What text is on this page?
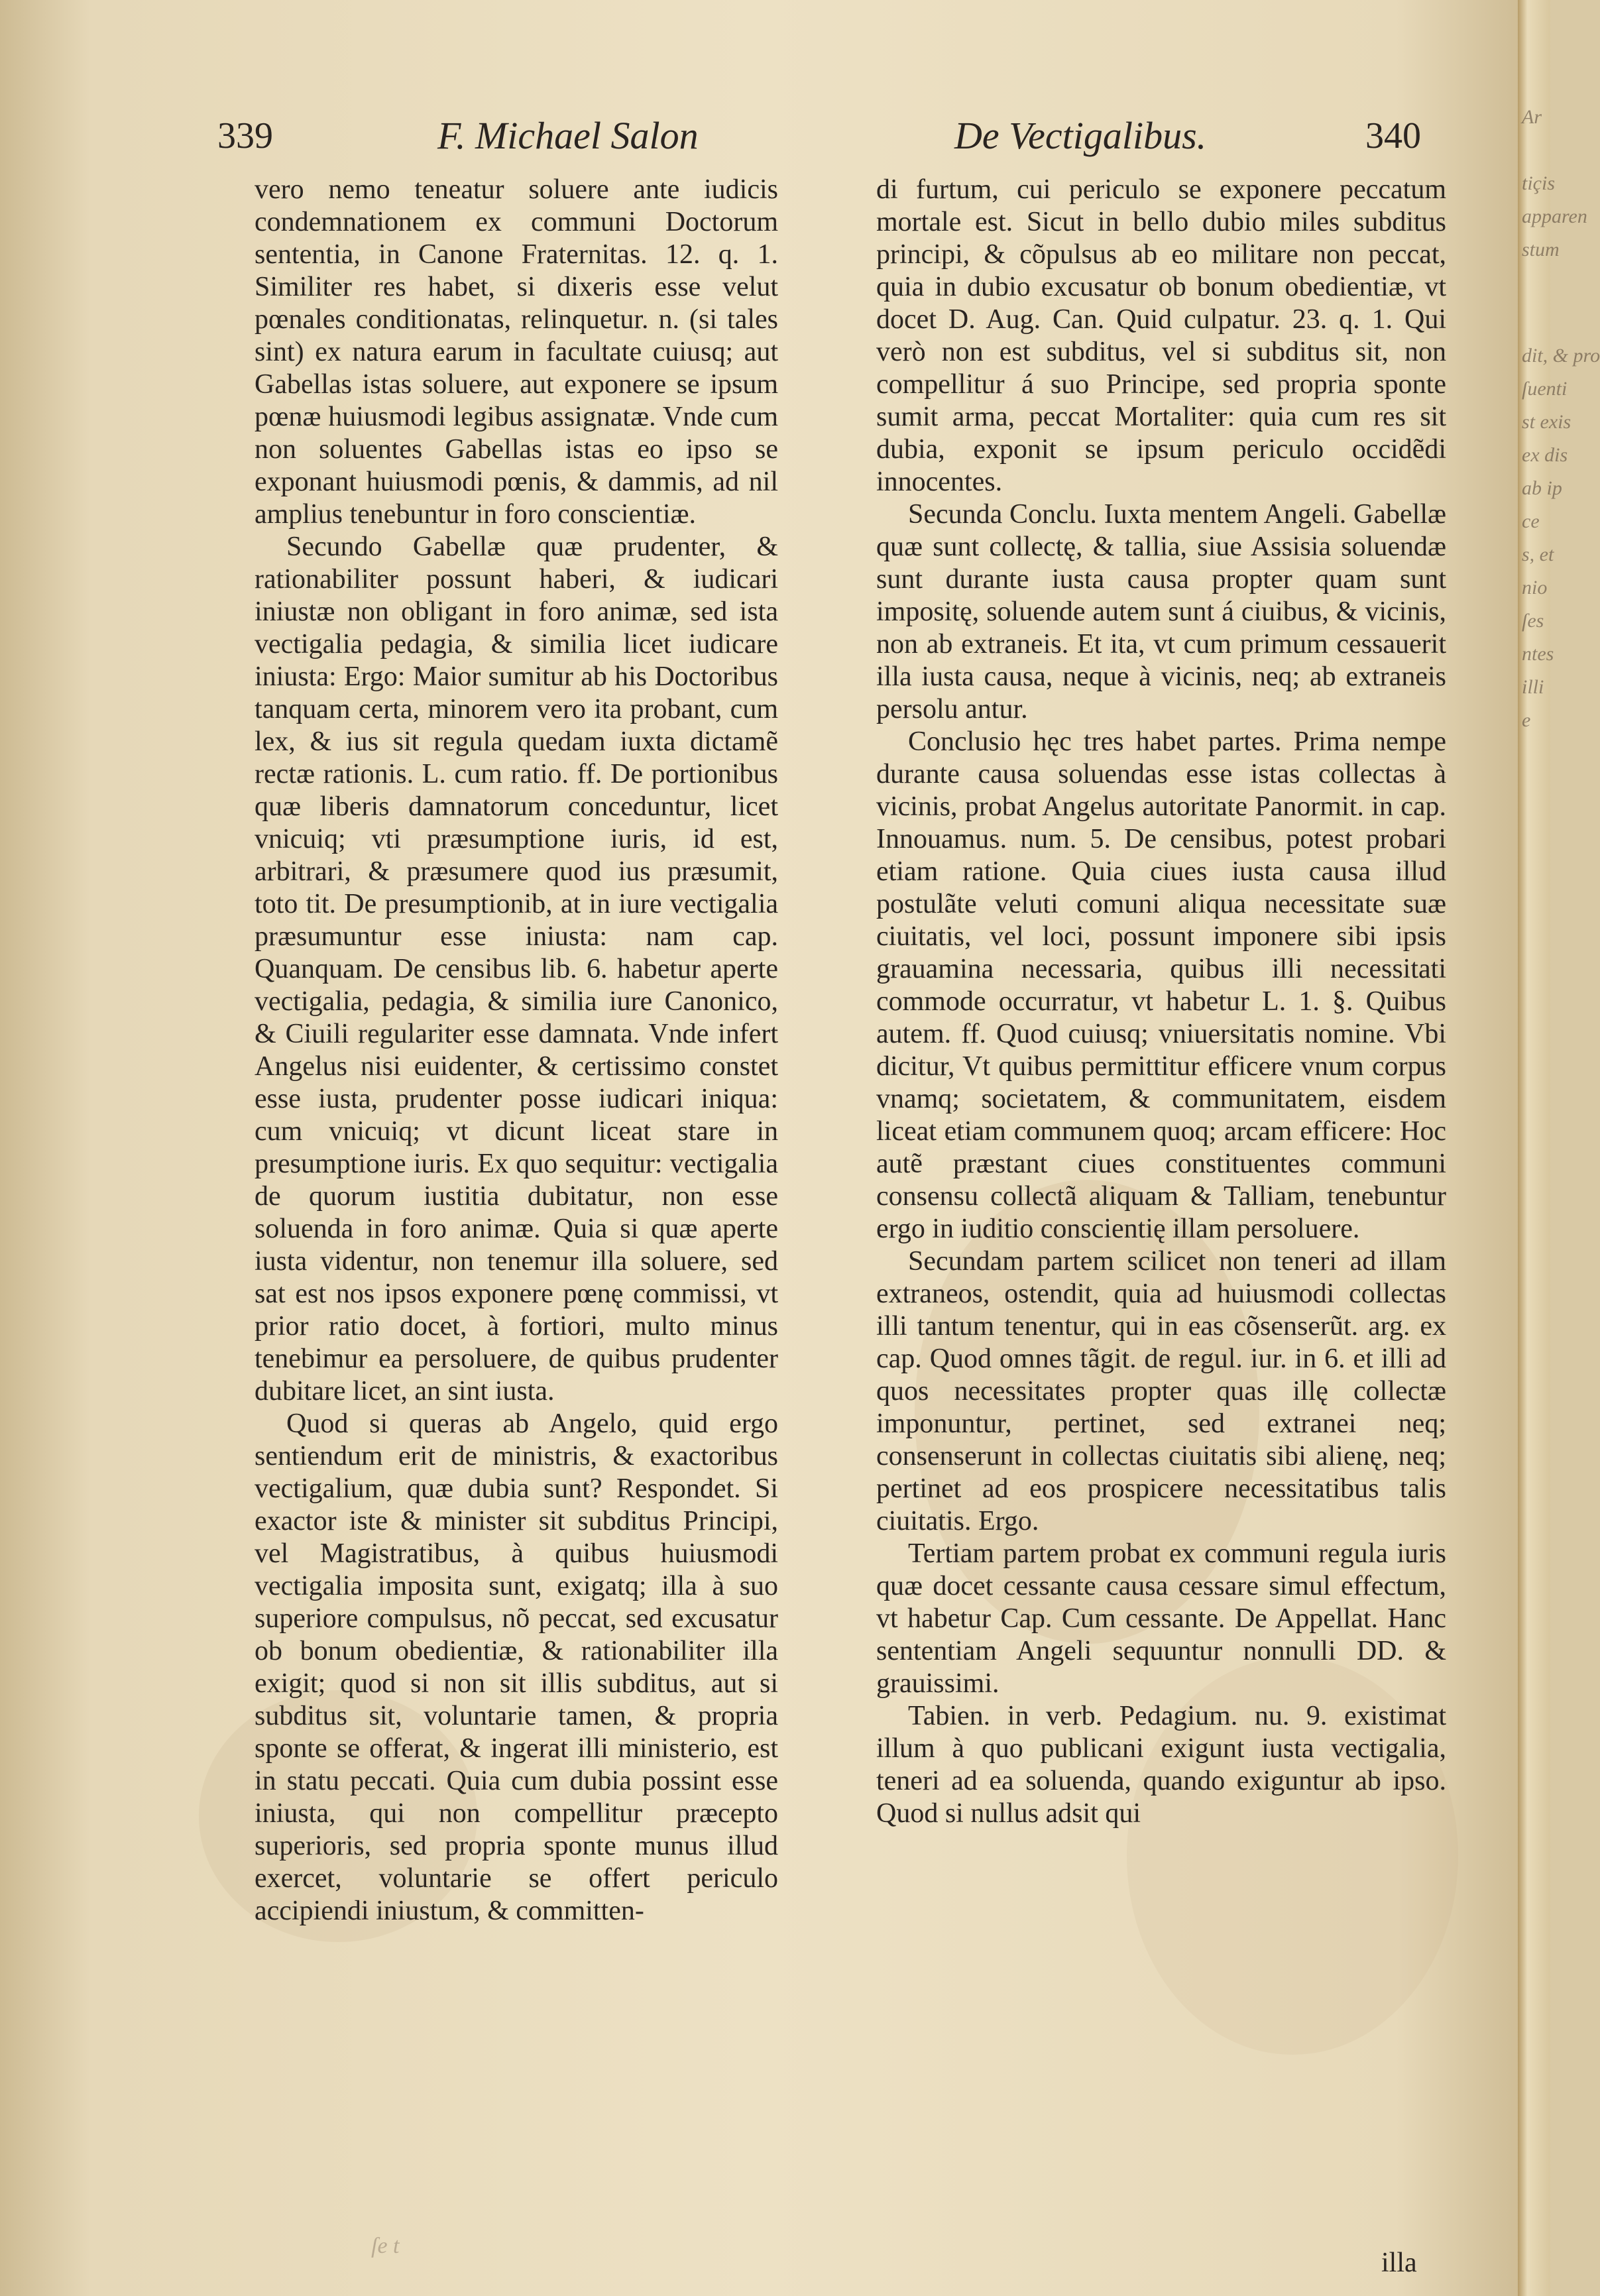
339	F. Michael Salon	De Vectigalibus.	340

vero nemo teneatur soluere ante iudicis condemnationem ex communi Doctorum sententia, in Canone Fraternitas. 12. q. 1. Similiter res habet, si dixeris esse velut pœnales conditionatas, relinquetur. n. (si tales sint) ex natura earum in facultate cuiusq; aut Gabellas istas soluere, aut exponere se ipsum pœnæ huiusmodi legibus assignatæ. Vnde cum non soluentes Gabellas istas eo ipso se exponant huiusmodi pœnis, & dammis, ad nil amplius tenebuntur in foro conscientiæ.

Secundo Gabellæ quæ prudenter, & rationabiliter possunt haberi, & iudicari iniustæ non obligant in foro animæ, sed ista vectigalia pedagia, & similia licet iudicare iniusta: Ergo: Maior sumitur ab his Doctoribus tanquam certa, minorem vero ita probant, cum lex, & ius sit regula quedam iuxta dictamẽ rectæ rationis. L. cum ratio. ff. De portionibus quæ liberis damnatorum conceduntur, licet vnicuiq; vti præsumptione iuris, id est, arbitrari, & præsumere quod ius præsumit, toto tit. De presumptionib, at in iure vectigalia præsumuntur esse iniusta: nam cap. Quanquam. De censibus lib. 6. habetur aperte vectigalia, pedagia, & similia iure Canonico, & Ciuili regulariter esse damnata. Vnde infert Angelus nisi euidenter, & certissimo constet esse iusta, prudenter posse iudicari iniqua: cum vnicuiq; vt dicunt liceat stare in presumptione iuris. Ex quo sequitur: vectigalia de quorum iustitia dubitatur, non esse soluenda in foro animæ. Quia si quæ aperte iusta videntur, non tenemur illa soluere, sed sat est nos ipsos exponere pœnę commissi, vt prior ratio docet, à fortiori, multo minus tenebimur ea persoluere, de quibus prudenter dubitare licet, an sint iusta.

Quod si queras ab Angelo, quid ergo sentiendum erit de ministris, & exactoribus vectigalium, quæ dubia sunt? Respondet. Si exactor iste & minister sit subditus Principi, vel Magistratibus, à quibus huiusmodi vectigalia imposita sunt, exigatq; illa à suo superiore compulsus, nõ peccat, sed excusatur ob bonum obedientiæ, & rationabiliter illa exigit; quod si non sit illis subditus, aut si subditus sit, voluntarie tamen, & propria sponte se offerat, & ingerat illi ministerio, est in statu peccati. Quia cum dubia possint esse iniusta, qui non compellitur præcepto superioris, sed propria sponte munus illud exercet, voluntarie se offert periculo accipiendi iniustum, & committen-

di furtum, cui periculo se exponere peccatum mortale est. Sicut in bello dubio miles subditus principi, & cõpulsus ab eo militare non peccat, quia in dubio excusatur ob bonum obedientiæ, vt docet D. Aug. Can. Quid culpatur. 23. q. 1. Qui verò non est subditus, vel si subditus sit, non compellitur á suo Principe, sed propria sponte sumit arma, peccat Mortaliter: quia cum res sit dubia, exponit se ipsum periculo occidẽdi innocentes.

Secunda Conclu. Iuxta mentem Angeli. Gabellæ quæ sunt collectę, & tallia, siue Assisia soluendæ sunt durante iusta causa propter quam sunt impositę, soluende autem sunt á ciuibus, & vicinis, non ab extraneis. Et ita, vt cum primum cessauerit illa iusta causa, neque à vicinis, neq; ab extraneis persolu antur.

Conclusio hęc tres habet partes. Prima nempe durante causa soluendas esse istas collectas à vicinis, probat Angelus autoritate Panormit. in cap. Innouamus. num. 5. De censibus, potest probari etiam ratione. Quia ciues iusta causa illud postulãte veluti comuni aliqua necessitate suæ ciuitatis, vel loci, possunt imponere sibi ipsis grauamina necessaria, quibus illi necessitati commode occurratur, vt habetur L. 1. §. Quibus autem. ff. Quod cuiusq; vniuersitatis nomine. Vbi dicitur, Vt quibus permittitur efficere vnum corpus vnamq; societatem, & communitatem, eisdem liceat etiam communem quoq; arcam efficere: Hoc autẽ præstant ciues constituentes communi consensu collectã aliquam & Talliam, tenebuntur ergo in iuditio conscientię illam persoluere.

Secundam partem scilicet non teneri ad illam extraneos, ostendit, quia ad huiusmodi collectas illi tantum tenentur, qui in eas cõsenserũt. arg. ex cap. Quod omnes tãgit. de regul. iur. in 6. et illi ad quos necessitates propter quas illę collectæ imponuntur, pertinet, sed extranei neq; consenserunt in collectas ciuitatis sibi alienę, neq; pertinet ad eos prospicere necessitatibus talis ciuitatis. Ergo.

Tertiam partem probat ex communi regula iuris quæ docet cessante causa cessare simul effectum, vt habetur Cap. Cum cessante. De Appellat. Hanc sententiam Angeli sequuntur nonnulli DD. & grauissimi.

Tabien. in verb. Pedagium. nu. 9. existimat illum à quo publicani exigunt iusta vectigalia, teneri ad ea soluenda, quando exiguntur ab ipso. Quod si nullus adsit qui

illa
ſe t
Ar
tiçis
apparen
stum
dit, & pro
ſuenti
st exis
ex dis
ab ip
ce
s, et
nio
ſes
ntes
illi
e
